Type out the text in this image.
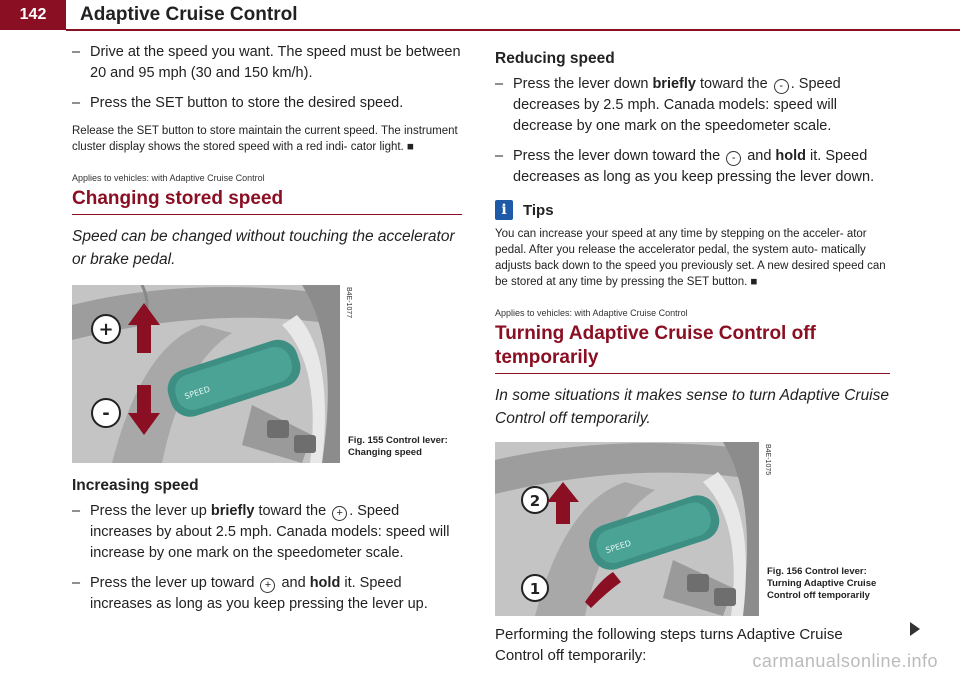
142	Adaptive Cruise Control
– Drive at the speed you want. The speed must be between 20 and 95 mph (30 and 150 km/h).
– Press the SET button to store the desired speed.
Release the SET button to store maintain the current speed. The instrument cluster display shows the stored speed with a red indi- cator light. ■
Applies to vehicles: with Adaptive Cruise Control
Changing stored speed
Speed can be changed without touching the accelerator or brake pedal.
SPEED
+
-
B4E-1077
Fig. 155 Control lever:
Changing speed
Increasing speed
– Press the lever up briefly toward the + . Speed increases by about 2.5 mph. Canada models: speed will increase by one mark on the speedometer scale.
– Press the lever up toward + and hold it. Speed increases as long as you keep pressing the lever up.
Reducing speed
– Press the lever down briefly toward the - . Speed decreases by 2.5 mph. Canada models: speed will decrease by one mark on the speedometer scale.
– Press the lever down toward the - and hold it. Speed decreases as long as you keep pressing the lever down.
i	Tips
You can increase your speed at any time by stepping on the acceler- ator pedal. After you release the accelerator pedal, the system auto- matically adjusts back down to the speed you previously set. A new desired speed can be stored at any time by pressing the SET button. ■
Applies to vehicles: with Adaptive Cruise Control
Turning Adaptive Cruise Control off temporarily
In some situations it makes sense to turn Adaptive Cruise Control off temporarily.
SPEED
2
1
B4E-1075
Fig. 156 Control lever: Turning Adaptive Cruise Control off temporarily
Performing the following steps turns Adaptive Cruise Control off temporarily:	carmanualsonline.info
